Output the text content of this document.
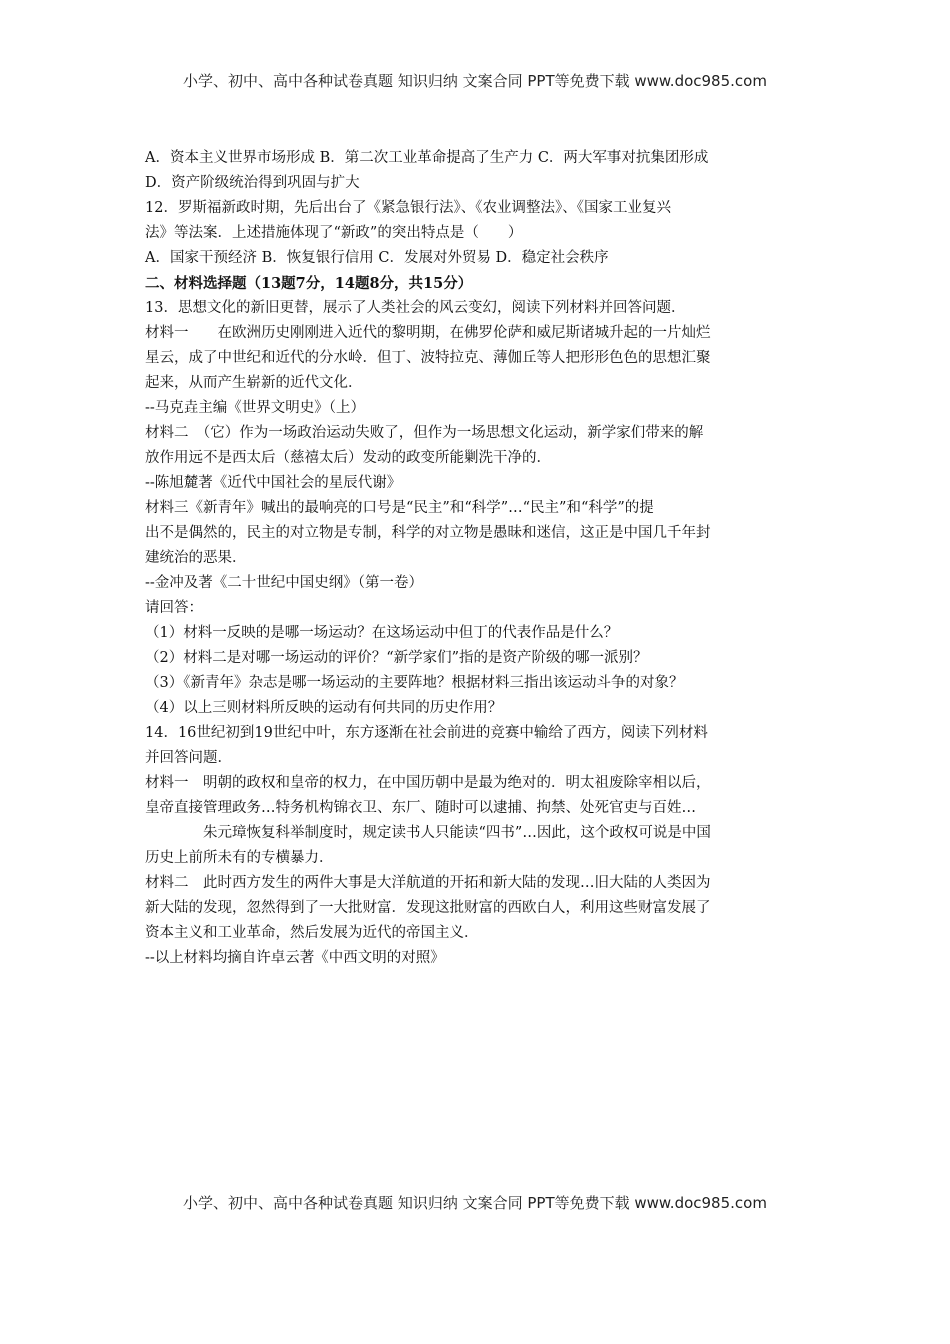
小学、初中、高中各种试卷真题 知识归纳 文案合同 PPT等免费下载 www.doc985.com
A．资本主义世界市场形成 B．第二次工业革命提高了生产力 C．两大军事对抗集团形成
D．资产阶级统治得到巩固与扩大
12．罗斯福新政时期，先后出台了《紧急银行法》、《农业调整法》、《国家工业复兴
法》等法案．上述措施体现了“新政”的突出特点是（　　）
A．国家干预经济 B．恢复银行信用 C．发展对外贸易 D．稳定社会秩序
二、材料选择题（13题7分，14题8分，共15分）
13．思想文化的新旧更替，展示了人类社会的风云变幻，阅读下列材料并回答问题．
材料一　　在欧洲历史刚刚进入近代的黎明期，在佛罗伦萨和威尼斯诸城升起的一片灿烂
星云，成了中世纪和近代的分水岭．但丁、波特拉克、薄伽丘等人把形形色色的思想汇聚
起来，从而产生崭新的近代文化．
--马克垚主编《世界文明史》（上）
材料二　（它）作为一场政治运动失败了，但作为一场思想文化运动，新学家们带来的解
放作用远不是西太后（慈禧太后）发动的政变所能剿洗干净的．
--陈旭麓著《近代中国社会的星辰代谢》
材料三《新青年》喊出的最响亮的口号是“民主”和“科学”…“民主”和“科学”的提
出不是偶然的，民主的对立物是专制，科学的对立物是愚昧和迷信，这正是中国几千年封
建统治的恶果．
--金冲及著《二十世纪中国史纲》（第一卷）
请回答：
（1）材料一反映的是哪一场运动？在这场运动中但丁的代表作品是什么？
（2）材料二是对哪一场运动的评价？“新学家们”指的是资产阶级的哪一派别？
（3）《新青年》杂志是哪一场运动的主要阵地？根据材料三指出该运动斗争的对象？
（4）以上三则材料所反映的运动有何共同的历史作用？
14．16世纪初到19世纪中叶，东方逐渐在社会前进的竞赛中输给了西方，阅读下列材料
并回答问题．
材料一　明朝的政权和皇帝的权力，在中国历朝中是最为绝对的．明太祖废除宰相以后，
皇帝直接管理政务…特务机构锦衣卫、东厂、随时可以逮捕、拘禁、处死官吏与百姓…
朱元璋恢复科举制度时，规定读书人只能读“四书”…因此，这个政权可说是中国
历史上前所未有的专横暴力．
材料二　此时西方发生的两件大事是大洋航道的开拓和新大陆的发现…旧大陆的人类因为
新大陆的发现，忽然得到了一大批财富．发现这批财富的西欧白人，利用这些财富发展了
资本主义和工业革命，然后发展为近代的帝国主义．
--以上材料均摘自许卓云著《中西文明的对照》
小学、初中、高中各种试卷真题 知识归纳 文案合同 PPT等免费下载 www.doc985.com
